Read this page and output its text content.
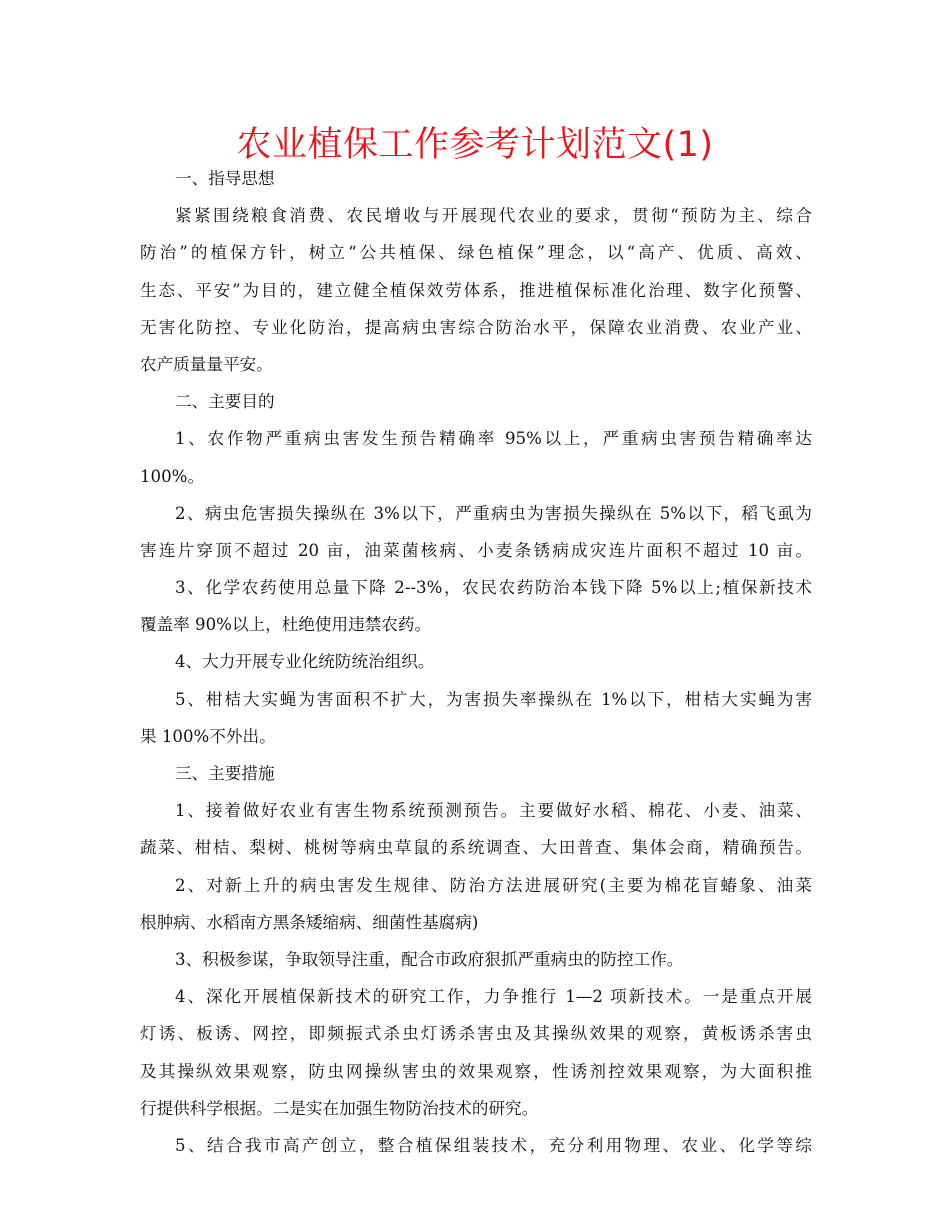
农业植保工作参考计划范文(1)
一、指导思想
紧紧围绕粮食消费、农民增收与开展现代农业的要求，贯彻“预防为主、综合
防治”的植保方针，树立“公共植保、绿色植保”理念，以“高产、优质、高效、
生态、平安”为目的，建立健全植保效劳体系，推进植保标准化治理、数字化预警、
无害化防控、专业化防治，提高病虫害综合防治水平，保障农业消费、农业产业、
农产质量量平安。
二、主要目的
1、农作物严重病虫害发生预告精确率 95%以上，严重病虫害预告精确率达
100%。
2、病虫危害损失操纵在 3%以下，严重病虫为害损失操纵在 5%以下，稻飞虱为
害连片穿顶不超过 20 亩，油菜菌核病、小麦条锈病成灾连片面积不超过 10 亩。
3、化学农药使用总量下降 2--3%，农民农药防治本钱下降 5%以上;植保新技术
覆盖率 90%以上，杜绝使用违禁农药。
4、大力开展专业化统防统治组织。
5、柑桔大实蝇为害面积不扩大，为害损失率操纵在 1%以下，柑桔大实蝇为害
果 100%不外出。
三、主要措施
1、接着做好农业有害生物系统预测预告。主要做好水稻、棉花、小麦、油菜、
蔬菜、柑桔、梨树、桃树等病虫草鼠的系统调查、大田普查、集体会商，精确预告。
2、对新上升的病虫害发生规律、防治方法进展研究(主要为棉花盲蝽象、油菜
根肿病、水稻南方黑条矮缩病、细菌性基腐病)
3、积极参谋，争取领导注重，配合市政府狠抓严重病虫的防控工作。
4、深化开展植保新技术的研究工作，力争推行 1—2 项新技术。一是重点开展
灯诱、板诱、网控，即频振式杀虫灯诱杀害虫及其操纵效果的观察，黄板诱杀害虫
及其操纵效果观察，防虫网操纵害虫的效果观察，性诱剂控效果观察，为大面积推
行提供科学根据。二是实在加强生物防治技术的研究。
5、结合我市高产创立，整合植保组装技术，充分利用物理、农业、化学等综
